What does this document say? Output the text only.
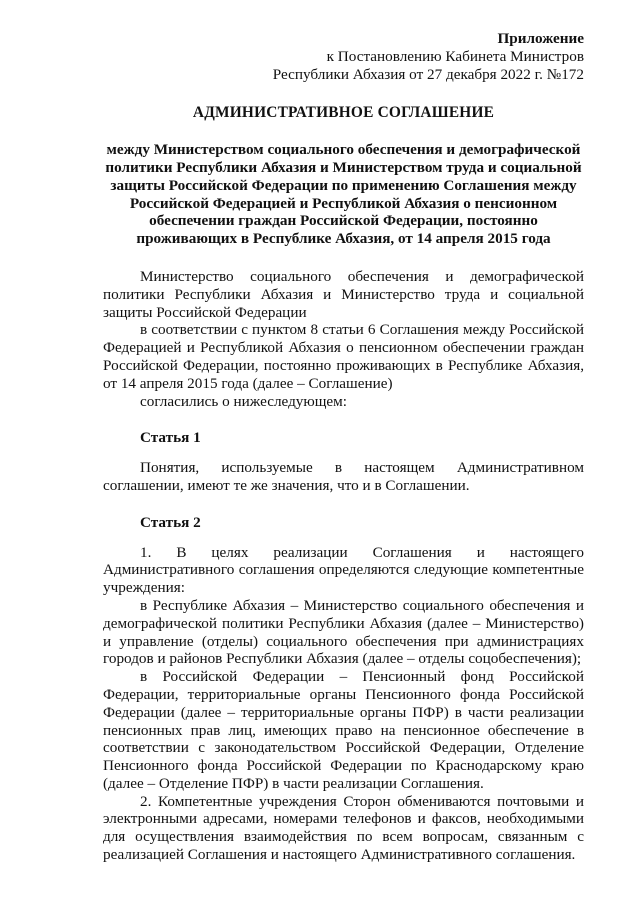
Приложение
к Постановлению Кабинета Министров
Республики Абхазия от 27 декабря 2022 г. №172
АДМИНИСТРАТИВНОЕ СОГЛАШЕНИЕ

между Министерством социального обеспечения и демографической политики Республики Абхазия и Министерством труда и социальной защиты Российской Федерации по применению Соглашения между Российской Федерацией и Республикой Абхазия о пенсионном обеспечении граждан Российской Федерации, постоянно проживающих в Республике Абхазия, от 14 апреля 2015 года

Министерство социального обеспечения и демографической политики Республики Абхазия и Министерство труда и социальной защиты Российской Федерации

в соответствии с пунктом 8 статьи 6 Соглашения между Российской Федерацией и Республикой Абхазия о пенсионном обеспечении граждан Российской Федерации, постоянно проживающих в Республике Абхазия, от 14 апреля 2015 года (далее – Соглашение)

согласились о нижеследующем:

Статья 1

Понятия, используемые в настоящем Административном соглашении, имеют те же значения, что и в Соглашении.

Статья 2

1. В целях реализации Соглашения и настоящего Административного соглашения определяются следующие компетентные учреждения:

в Республике Абхазия – Министерство социального обеспечения и демографической политики Республики Абхазия (далее – Министерство) и управление (отделы) социального обеспечения при администрациях городов и районов Республики Абхазия (далее – отделы соцобеспечения);

в Российской Федерации – Пенсионный фонд Российской Федерации, территориальные органы Пенсионного фонда Российской Федерации (далее – территориальные органы ПФР) в части реализации пенсионных прав лиц, имеющих право на пенсионное обеспечение в соответствии с законодательством Российской Федерации, Отделение Пенсионного фонда Российской Федерации по Краснодарскому краю (далее – Отделение ПФР) в части реализации Соглашения.

2. Компетентные учреждения Сторон обмениваются почтовыми и электронными адресами, номерами телефонов и факсов, необходимыми для осуществления взаимодействия по всем вопросам, связанным с реализацией Соглашения и настоящего Административного соглашения.
